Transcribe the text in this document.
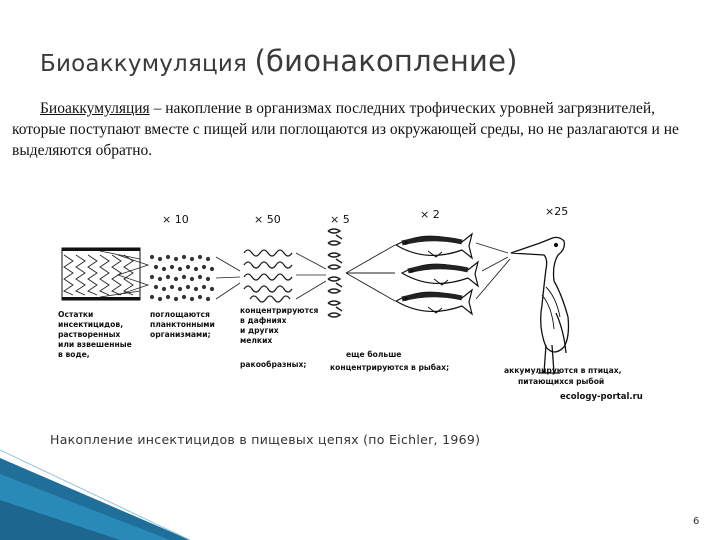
Биоаккумуляция (бионакопление)
Биоаккумуляция – накопление в организмах последних трофических уровней загрязнителей, которые поступают вместе с пищей или поглощаются из окружающей среды, но не разлагаются и не выделяются обратно.
× 10	× 50	× 5	× 2	×25
Остатки
инсектицидов,
растворенных
или взвешенные
в воде,
поглощаются
планктонными
организмами;
концентрируются
в дафниях
и других
мелких
ракообразных;
еще больше
концентрируются в рыбах;	аккумулируются в птицах,
питающихся рыбой
ecology-portal.ru
Накопление инсектицидов в пищевых цепях (по Eichler, 1969)
6
